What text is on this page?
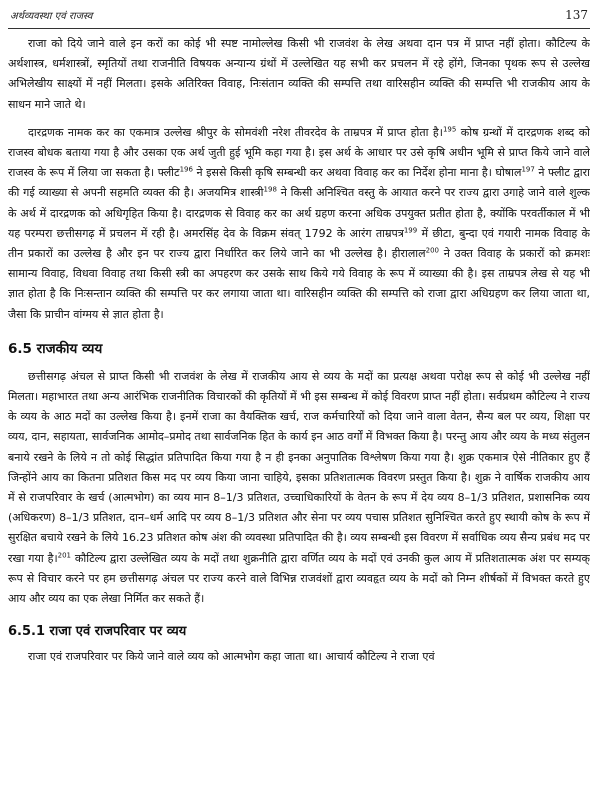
अर्थव्यवस्था एवं राजस्व	137

राजा को दिये जाने वाले इन करों का कोई भी स्पष्ट नामोल्लेख किसी भी राजवंश के लेख अथवा दान पत्र में प्राप्त नहीं होता। कौटिल्य के अर्थशास्त्र, धर्मशास्त्रों, स्मृतियों तथा राजनीति विषयक अन्यान्य ग्रंथों में उल्लेखित यह सभी कर प्रचलन में रहे होंगे, जिनका पृथक रूप से उल्लेख अभिलेखीय साक्ष्यों में नहीं मिलता। इसके अतिरिक्त विवाह, निःसंतान व्यक्ति की सम्पत्ति तथा वारिसहीन व्यक्ति की सम्पत्ति भी राजकीय आय के साधन माने जाते थे।

दारद्रणक नामक कर का एकमात्र उल्लेख श्रीपुर के सोमवंशी नरेश तीवरदेव के ताम्रपत्र में प्राप्त होता है।$^{195}$ कोष ग्रन्थों में दारद्रणक शब्द को राजस्व बोधक बताया गया है और उसका एक अर्थ जुती हुई भूमि कहा गया है। इस अर्थ के आधार पर उसे कृषि अधीन भूमि से प्राप्त किये जाने वाले राजस्व के रूप में लिया जा सकता है। फ्लीट$^{196}$ ने इससे किसी कृषि सम्बन्धी कर अथवा विवाह कर का निर्देश होना माना है। घोषाल$^{197}$ ने फ्लीट द्वारा की गई व्याख्या से अपनी सहमति व्यक्त की है। अजयमित्र शास्त्री$^{198}$ ने किसी अनिश्चित वस्तु के आयात करने पर राज्य द्वारा उगाहे जाने वाले शुल्क के अर्थ में दारद्रणक को अधिगृहित किया है। दारद्रणक से विवाह कर का अर्थ ग्रहण करना अधिक उपयुक्त प्रतीत होता है, क्योंकि परवर्तीकाल में भी यह परम्परा छत्तीसगढ़ में प्रचलन में रही है। अमरसिंह देव के विक्रम संवत् 1792 के आरंग ताम्रपत्र$^{199}$ में छीटा, बुन्दा एवं गयारी नामक विवाह के तीन प्रकारों का उल्लेख है और इन पर राज्य द्वारा निर्धारित कर लिये जाने का भी उल्लेख है। हीरालाल$^{200}$ ने उक्त विवाह के प्रकारों को क्रमशः सामान्य विवाह, विधवा विवाह तथा किसी स्त्री का अपहरण कर उसके साथ किये गये विवाह के रूप में व्याख्या की है। इस ताम्रपत्र लेख से यह भी ज्ञात होता है कि निःसन्तान व्यक्ति की सम्पत्ति पर कर लगाया जाता था। वारिसहीन व्यक्ति की सम्पत्ति को राजा द्वारा अधिग्रहण कर लिया जाता था, जैसा कि प्राचीन वांग्मय से ज्ञात होता है।

6.5 राजकीय व्यय

छत्तीसगढ़ अंचल से प्राप्त किसी भी राजवंश के लेख में राजकीय आय से व्यय के मदों का प्रत्यक्ष अथवा परोक्ष रूप से कोई भी उल्लेख नहीं मिलता। महाभारत तथा अन्य आरंभिक राजनीतिक विचारकों की कृतियों में भी इस सम्बन्ध में कोई विवरण प्राप्त नहीं होता। सर्वप्रथम कौटिल्य ने राज्य के व्यय के आठ मदों का उल्लेख किया है। इनमें राजा का वैयक्तिक खर्च, राज कर्मचारियों को दिया जाने वाला वेतन, सैन्य बल पर व्यय, शिक्षा पर व्यय, दान, सहायता, सार्वजनिक आमोद–प्रमोद तथा सार्वजनिक हित के कार्य इन आठ वर्गों में विभक्त किया है। परन्तु आय और व्यय के मध्य संतुलन बनाये रखने के लिये न तो कोई सिद्धांत प्रतिपादित किया गया है न ही इनका अनुपातिक विश्लेषण किया गया है। शुक्र एकमात्र ऐसे नीतिकार हुए हैं जिन्होंने आय का कितना प्रतिशत किस मद पर व्यय किया जाना चाहिये, इसका प्रतिशतात्मक विवरण प्रस्तुत किया है। शुक्र ने वार्षिक राजकीय आय में से राजपरिवार के खर्च (आत्मभोग) का व्यय मान 8–1/3 प्रतिशत, उच्चाधिकारियों के वेतन के रूप में देय व्यय 8–1/3 प्रतिशत, प्रशासनिक व्यय (अधिकरण) 8–1/3 प्रतिशत, दान–धर्म आदि पर व्यय 8–1/3 प्रतिशत और सेना पर व्यय पचास प्रतिशत सुनिश्चित करते हुए स्थायी कोष के रूप में सुरक्षित बचाये रखने के लिये 16.23 प्रतिशत कोष अंश की व्यवस्था प्रतिपादित की है। व्यय सम्बन्धी इस विवरण में सर्वाधिक व्यय सैन्य प्रबंध मद पर रखा गया है।$^{201}$ कौटिल्य द्वारा उल्लेखित व्यय के मदों तथा शुक्रनीति द्वारा वर्णित व्यय के मदों एवं उनकी कुल आय में प्रतिशतात्मक अंश पर सम्यक् रूप से विचार करने पर हम छत्तीसगढ़ अंचल पर राज्य करने वाले विभिन्न राजवंशों द्वारा व्यवहृत व्यय के मदों को निम्न शीर्षकों में विभक्त करते हुए आय और व्यय का एक लेखा निर्मित कर सकते हैं।

6.5.1 राजा एवं राजपरिवार पर व्यय

राजा एवं राजपरिवार पर किये जाने वाले व्यय को आत्मभोग कहा जाता था। आचार्य कौटिल्य ने राजा एवं
